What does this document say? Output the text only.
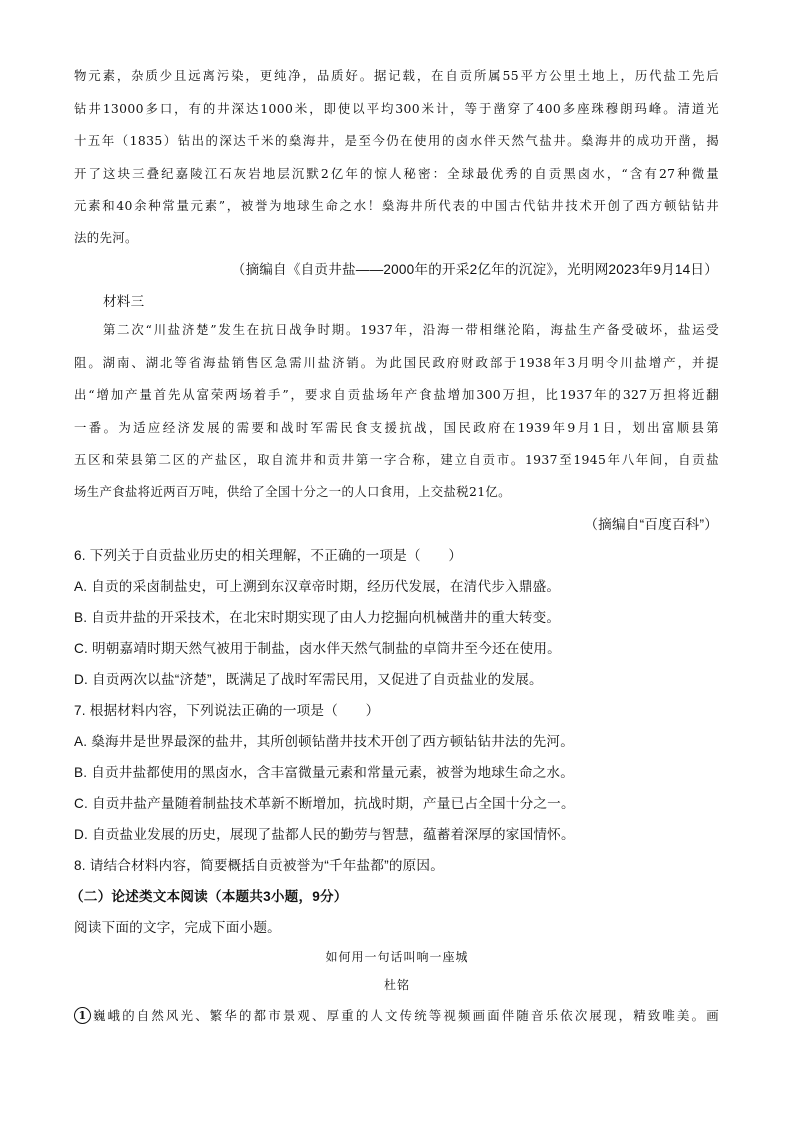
物元素，杂质少且远离污染，更纯净，品质好。据记载，在自贡所属55平方公里土地上，历代盐工先后
钻井13000多口，有的井深达1000米，即使以平均300米计，等于凿穿了400多座珠穆朗玛峰。清道光
十五年（1835）钻出的深达千米的燊海井，是至今仍在使用的卤水伴天然气盐井。燊海井的成功开凿，揭
开了这块三叠纪嘉陵江石灰岩地层沉默2亿年的惊人秘密：全球最优秀的自贡黑卤水，“含有27种微量
元素和40余种常量元素”，被誉为地球生命之水！燊海井所代表的中国古代钻井技术开创了西方顿钻钻井
法的先河。
（摘编自《自贡井盐——2000年的开采2亿年的沉淀》，光明网2023年9月14日）
材料三
第二次“川盐济楚”发生在抗日战争时期。1937年，沿海一带相继沦陷，海盐生产备受破坏，盐运受
阻。湖南、湖北等省海盐销售区急需川盐济销。为此国民政府财政部于1938年3月明令川盐增产，并提
出“增加产量首先从富荣两场着手”，要求自贡盐场年产食盐增加300万担，比1937年的327万担将近翻
一番。为适应经济发展的需要和战时军需民食支援抗战，国民政府在1939年9月1日，划出富顺县第
五区和荣县第二区的产盐区，取自流井和贡井第一字合称，建立自贡市。1937至1945年八年间，自贡盐
场生产食盐将近两百万吨，供给了全国十分之一的人口食用，上交盐税21亿。
（摘编自“百度百科”）
6. 下列关于自贡盐业历史的相关理解，不正确的一项是（　　）
A. 自贡的采卤制盐史，可上溯到东汉章帝时期，经历代发展，在清代步入鼎盛。
B. 自贡井盐的开采技术，在北宋时期实现了由人力挖掘向机械凿井的重大转变。
C. 明朝嘉靖时期天然气被用于制盐，卤水伴天然气制盐的卓筒井至今还在使用。
D. 自贡两次以盐“济楚”，既满足了战时军需民用，又促进了自贡盐业的发展。
7. 根据材料内容，下列说法正确的一项是（　　）
A. 燊海井是世界最深的盐井，其所创顿钻凿井技术开创了西方顿钻钻井法的先河。
B. 自贡井盐都使用的黑卤水，含丰富微量元素和常量元素，被誉为地球生命之水。
C. 自贡井盐产量随着制盐技术革新不断增加，抗战时期，产量已占全国十分之一。
D. 自贡盐业发展的历史，展现了盐都人民的勤劳与智慧，蕴蓄着深厚的家国情怀。
8. 请结合材料内容，简要概括自贡被誉为“千年盐都”的原因。
（二）论述类文本阅读（本题共3小题，9分）
阅读下面的文字，完成下面小题。
如何用一句话叫响一座城
杜铭
1 巍峨的自然风光、繁华的都市景观、厚重的人文传统等视频画面伴随音乐依次展现，精致唯美。画
